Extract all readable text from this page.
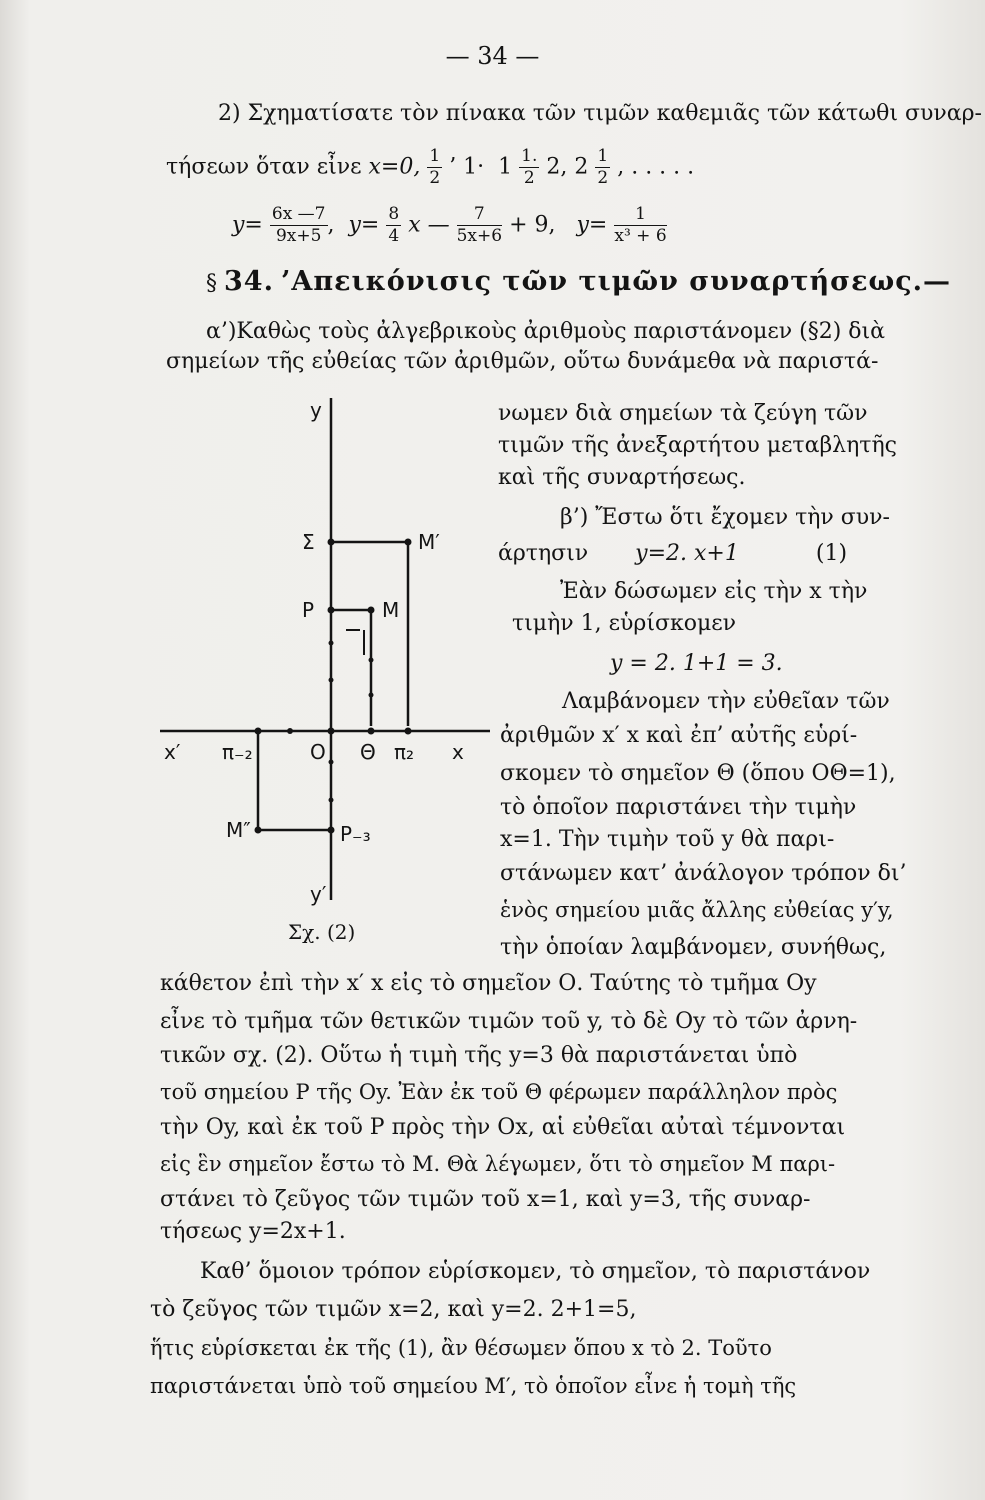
— 34 —
2) Σχηματίσατε τὸν πίνακα τῶν τιμῶν καθεμιᾶς τῶν κάτωθι συναρ-
τήσεων ὅταν εἶνε x=0, $\frac{1}{2}$ ’ $1\cdot 1 \frac{1.}{2} 2$, $2 \frac{1}{2}$ , . . . . .
$y= \frac{6x —7}{9x+5}$ , $y= \frac{8}{4}$ x — $\frac{7}{5x+6} + 9$, $y= \frac{1}{\text{x³ + 6}}$
§ 34. ’Απεικόνισις τῶν τιμῶν συναρτήσεως.—
α’)Καθὼς τοὺς ἀλγεβρικοὺς ἀριθμοὺς παριστάνομεν (§2) διὰ
σημείων τῆς εὐθείας τῶν ἀριθμῶν, οὕτω δυνάμεθα νὰ παριστά-
νωμεν διὰ σημείων τὰ ζεύγη τῶν
τιμῶν τῆς ἀνεξαρτήτου μεταβλητῆς
καὶ τῆς συναρτήσεως.
β’) Ἔστω ὅτι ἔχομεν τὴν συν-
άρτησιν y=2. x+1	(1)
Ἐὰν δώσωμεν εἰς τὴν x τὴν
τιμὴν 1, εὑρίσκομεν
y = 2. 1+1 = 3.
Λαμβάνομεν τὴν εὐθεῖαν τῶν
ἀριθμῶν x′ x καὶ ἐπ’ αὐτῆς εὑρί-
σκομεν τὸ σημεῖον Θ (ὅπου ΟΘ=1),
τὸ ὁποῖον παριστάνει τὴν τιμὴν
x=1. Τὴν τιμὴν τοῦ y θὰ παρι-
στάνωμεν κατ’ ἀνάλογον τρόπον δι’
ἑνὸς σημείου μιᾶς ἄλλης εὐθείας y′y,
τὴν ὁποίαν λαμβάνομεν, συνήθως,
κάθετον ἐπὶ τὴν x′ x εἰς τὸ σημεῖον Ο. Ταύτης τὸ τμῆμα Oy
εἶνε τὸ τμῆμα τῶν θετικῶν τιμῶν τοῦ y, τὸ δὲ Oy τὸ τῶν ἀρνη-
τικῶν σχ. (2). Οὕτω ἡ τιμὴ τῆς y=3 θὰ παριστάνεται ὑπὸ
τοῦ σημείου Ρ τῆς Oy. Ἐὰν ἐκ τοῦ Θ φέρωμεν παράλληλον πρὸς
τὴν Oy, καὶ ἐκ τοῦ Ρ πρὸς τὴν Ox, αἱ εὐθεῖαι αὐταὶ τέμνονται
εἰς ἓν σημεῖον ἔστω τὸ Μ. Θὰ λέγωμεν, ὅτι τὸ σημεῖον Μ παρι-
στάνει τὸ ζεῦγος τῶν τιμῶν τοῦ x=1, καὶ y=3, τῆς συναρ-
τήσεως y=2x+1.
Καθ’ ὅμοιον τρόπον εὑρίσκομεν, τὸ σημεῖον, τὸ παριστάνον
τὸ ζεῦγος τῶν τιμῶν x=2, καὶ y=2. 2+1=5,
ἥτις εὑρίσκεται ἐκ τῆς (1), ἂν θέσωμεν ὅπου x τὸ 2. Τοῦτο
παριστάνεται ὑπὸ τοῦ σημείου Μ′, τὸ ὁποῖον εἶνε ἡ τομὴ τῆς
y
Σ	M′
P	M
x′ π₋₂	O Θ π₂ x
M″	P₋₃
y′
Σχ. (2)
